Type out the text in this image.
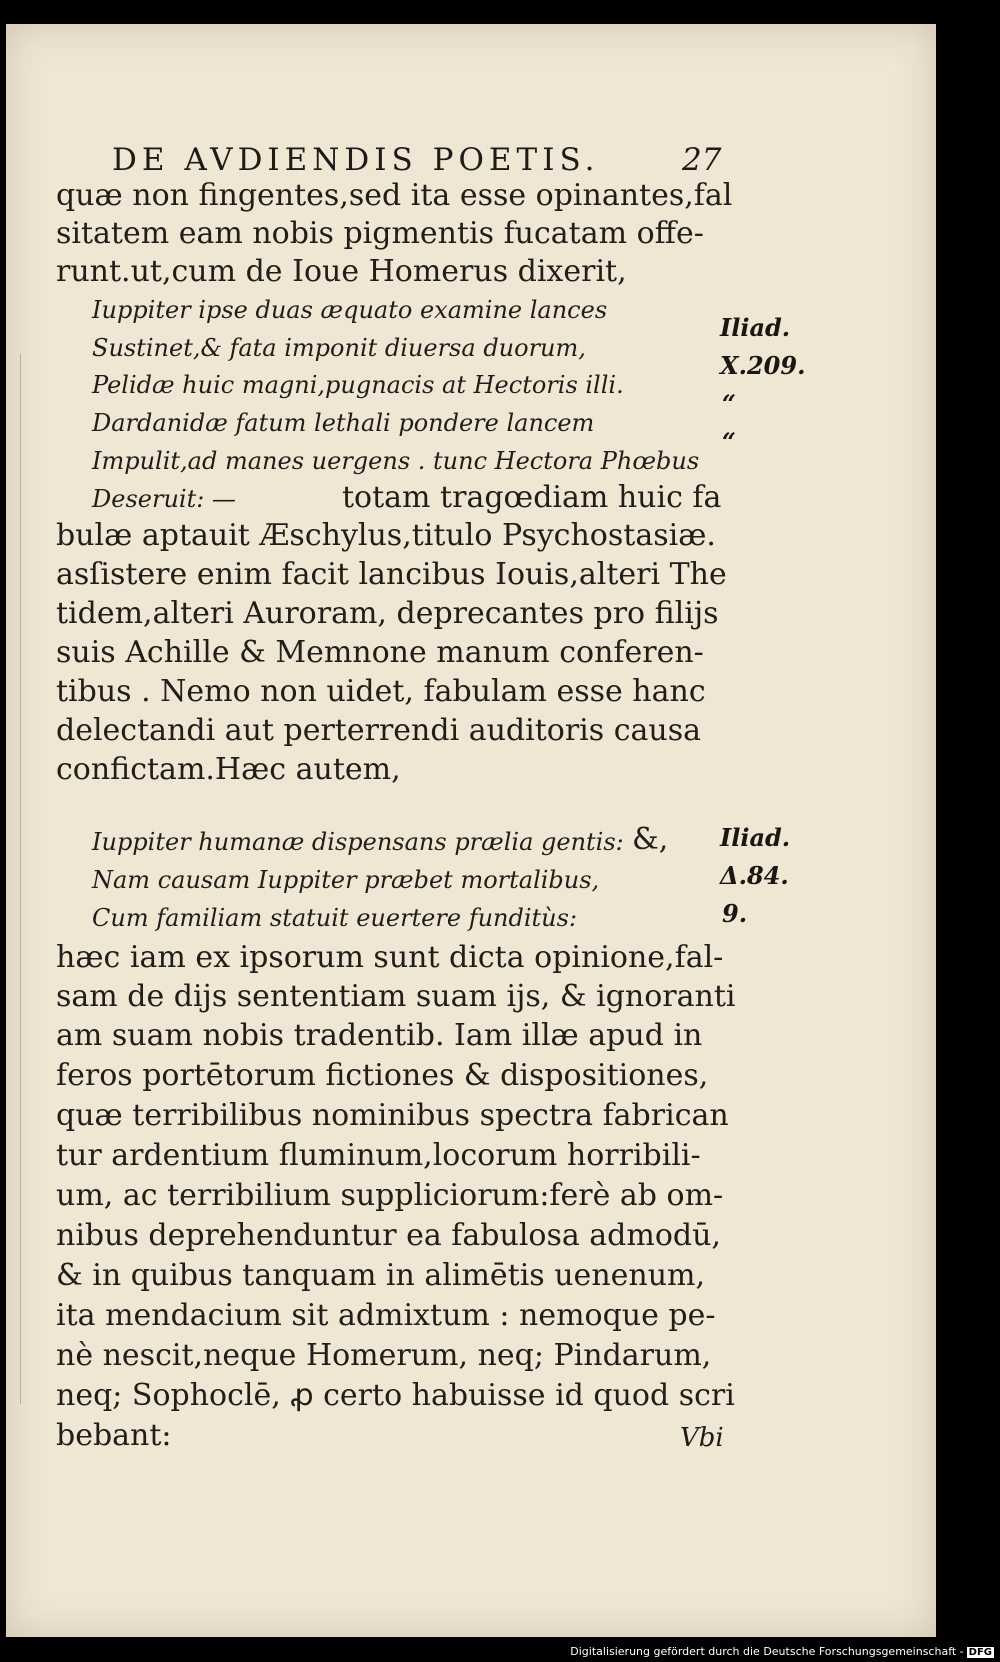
DE AVDIENDIS POETIS.	27
quæ non fingentes,sed ita esse opinantes,fal
sitatem eam nobis pigmentis fucatam offe-
runt.ut,cum de Ioue Homerus dixerit,
Iuppiter ipse duas æquato examine lances
Sustinet,& fata imponit diuersa duorum,
Pelidæ huic magni,pugnacis at Hectoris illi.
Dardanidæ fatum lethali pondere lancem
Impulit,ad manes uergens . tunc Hectora Phœbus
Deseruit: —	totam tragœdiam huic fa
bulæ aptauit Æschylus,titulo Psychostasiæ.
asſistere enim facit lancibus Iouis,alteri The
tidem,alteri Auroram, deprecantes pro filijs
suis Achille & Memnone manum conferen-
tibus . Nemo non uidet, fabulam esse hanc
delectandi aut perterrendi auditoris causa
confictam.Hæc autem,
Iuppiter humanæ dispensans prælia gentis: &,
Nam causam Iuppiter præbet mortalibus,
Cum familiam statuit euertere funditùs:
hæc iam ex ipsorum sunt dicta opinione,fal-
sam de dijs sententiam suam ijs, & ignoranti
am suam nobis tradentib. Iam illæ apud in
feros portētorum fictiones & dispositiones,
quæ terribilibus nominibus spectra fabrican
tur ardentium fluminum,locorum horribili-
um, ac terribilium suppliciorum:ferè ab om-
nibus deprehenduntur ea fabulosa admodū,
& in quibus tanquam in alimētis uenenum,
ita mendacium sit admixtum : nemoque pe-
nè nescit,neque Homerum, neq; Pindarum,
neq; Sophoclē, ꝓ certo habuisse id quod scri
bebant:
Iliad.
X.209.
“
“
Iliad.
Δ.84.
9.
Vbi
Digitalisierung gefördert durch die Deutsche Forschungsgemeinschaft - DFG
